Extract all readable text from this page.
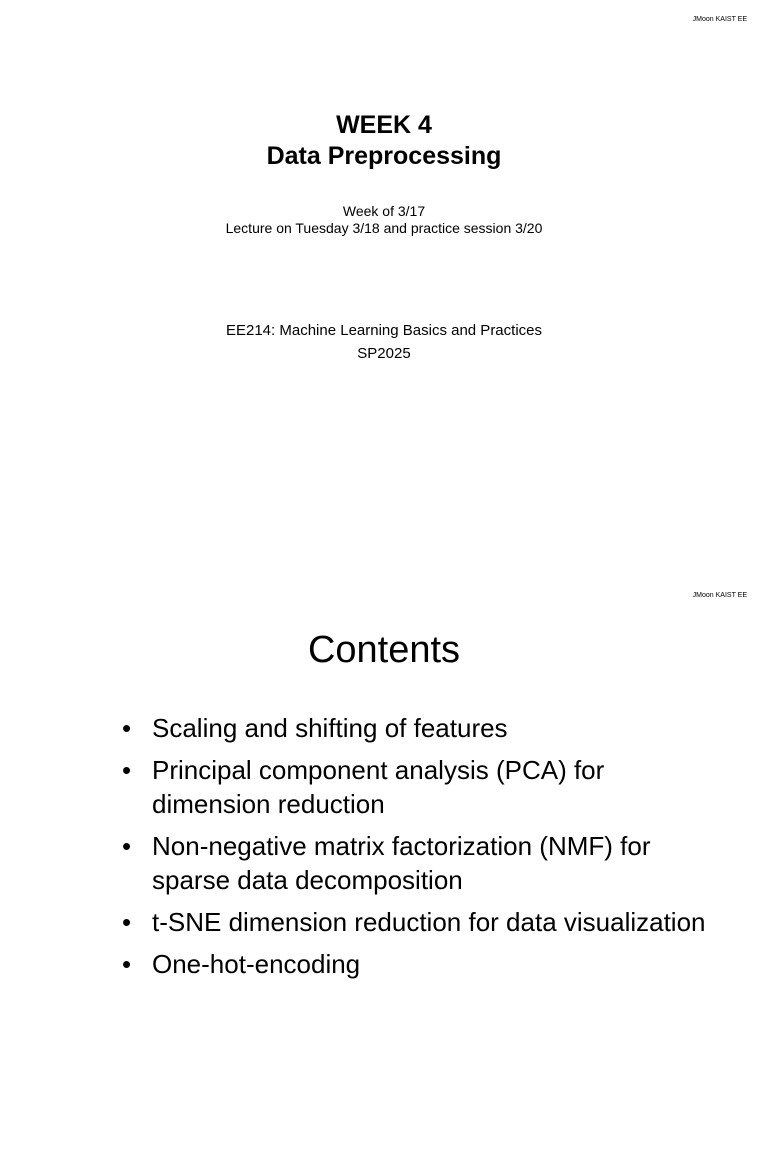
JMoon KAIST EE
WEEK 4
Data Preprocessing
Week of 3/17
Lecture on Tuesday 3/18 and practice session 3/20
EE214: Machine Learning Basics and Practices
SP2025
JMoon KAIST EE
Contents
• Scaling and shifting of features
• Principal component analysis (PCA) for dimension reduction
• Non-negative matrix factorization (NMF) for sparse data decomposition
• t-SNE dimension reduction for data visualization
• One-hot-encoding
